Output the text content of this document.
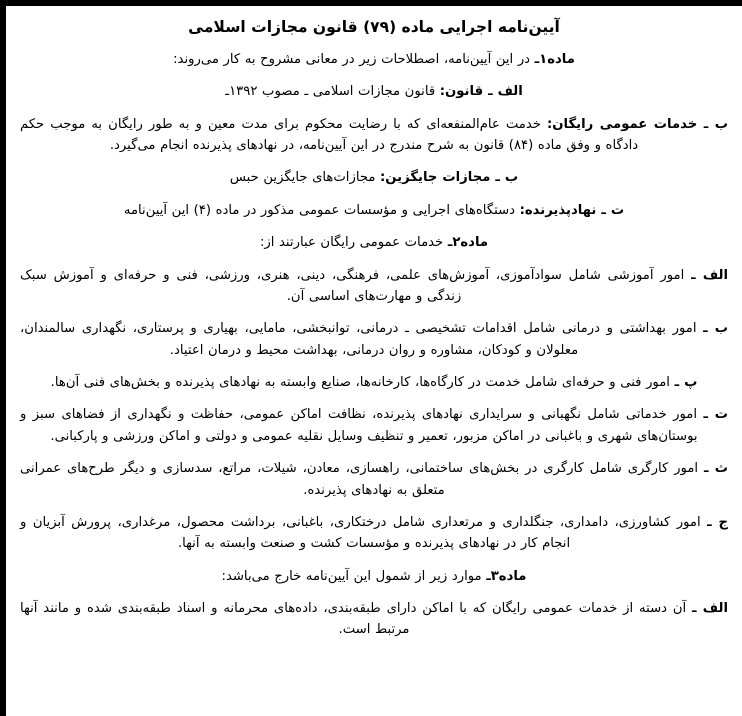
آیین‌نامه اجرایی ماده (۷۹) قانون مجازات اسلامی
ماده۱ـ در این آیین‌نامه، اصطلاحات زیر در معانی مشروح به کار می‌روند:
الف ـ قانون: قانون مجازات اسلامی ـ مصوب ۱۳۹۲ـ
ب ـ خدمات عمومی رایگان: خدمت عام‌المنفعه‌ای که با رضایت محکوم برای مدت معین و به طور رایگان به موجب حکم دادگاه و وفق ماده (۸۴) قانون به شرح مندرج در این آیین‌نامه، در نهادهای پذیرنده انجام می‌گیرد.
ب ـ مجازات جایگزین: مجازات‌های جایگزین حبس
ت ـ نهادپذیرنده: دستگاه‌های اجرایی و مؤسسات عمومی مذکور در ماده (۴) این آیین‌نامه
ماده۲ـ خدمات عمومی رایگان عبارتند از:
الف ـ امور آموزشی شامل سوادآموزی، آموزش‌های علمی، فرهنگی، دینی، هنری، ورزشی، فنی و حرفه‌ای و آموزش سبک زندگی و مهارت‌های اساسی آن.
ب ـ امور بهداشتی و درمانی شامل اقدامات تشخیصی ـ درمانی، توانبخشی، مامایی، بهیاری و پرستاری، نگهداری سالمندان، معلولان و کودکان، مشاوره و روان درمانی، بهداشت محیط و درمان اعتیاد.
پ ـ امور فنی و حرفه‌ای شامل خدمت در کارگاه‌ها، کارخانه‌ها، صنایع وابسته به نهادهای پذیرنده و بخش‌های فنی آن‌ها.
ت ـ امور خدماتی شامل نگهبانی و سرایداری نهادهای پذیرنده، نظافت اماکن عمومی، حفاظت و نگهداری از فضاهای سبز و بوستان‌های شهری و باغبانی در اماکن مزبور، تعمیر و تنظیف وسایل نقلیه عمومی و دولتی و اماکن ورزشی و پارکبانی.
ث ـ امور کارگری شامل کارگری در بخش‌های ساختمانی، راهسازی، معادن، شیلات، مراتع، سدسازی و دیگر طرح‌های عمرانی متعلق به نهادهای پذیرنده.
ج ـ امور کشاورزی، دامداری، جنگلداری و مرتعداری شامل درختکاری، باغبانی، برداشت محصول، مرغداری، پرورش آبزیان و انجام کار در نهادهای پذیرنده و مؤسسات کشت و صنعت وابسته به آنها.
ماده۳ـ موارد زیر از شمول این آیین‌نامه خارج می‌باشد:
الف ـ آن دسته از خدمات عمومی رایگان که با اماکن دارای طبقه‌بندی، داده‌های محرمانه و اسناد طبقه‌بندی شده و مانند آنها مرتبط است.
